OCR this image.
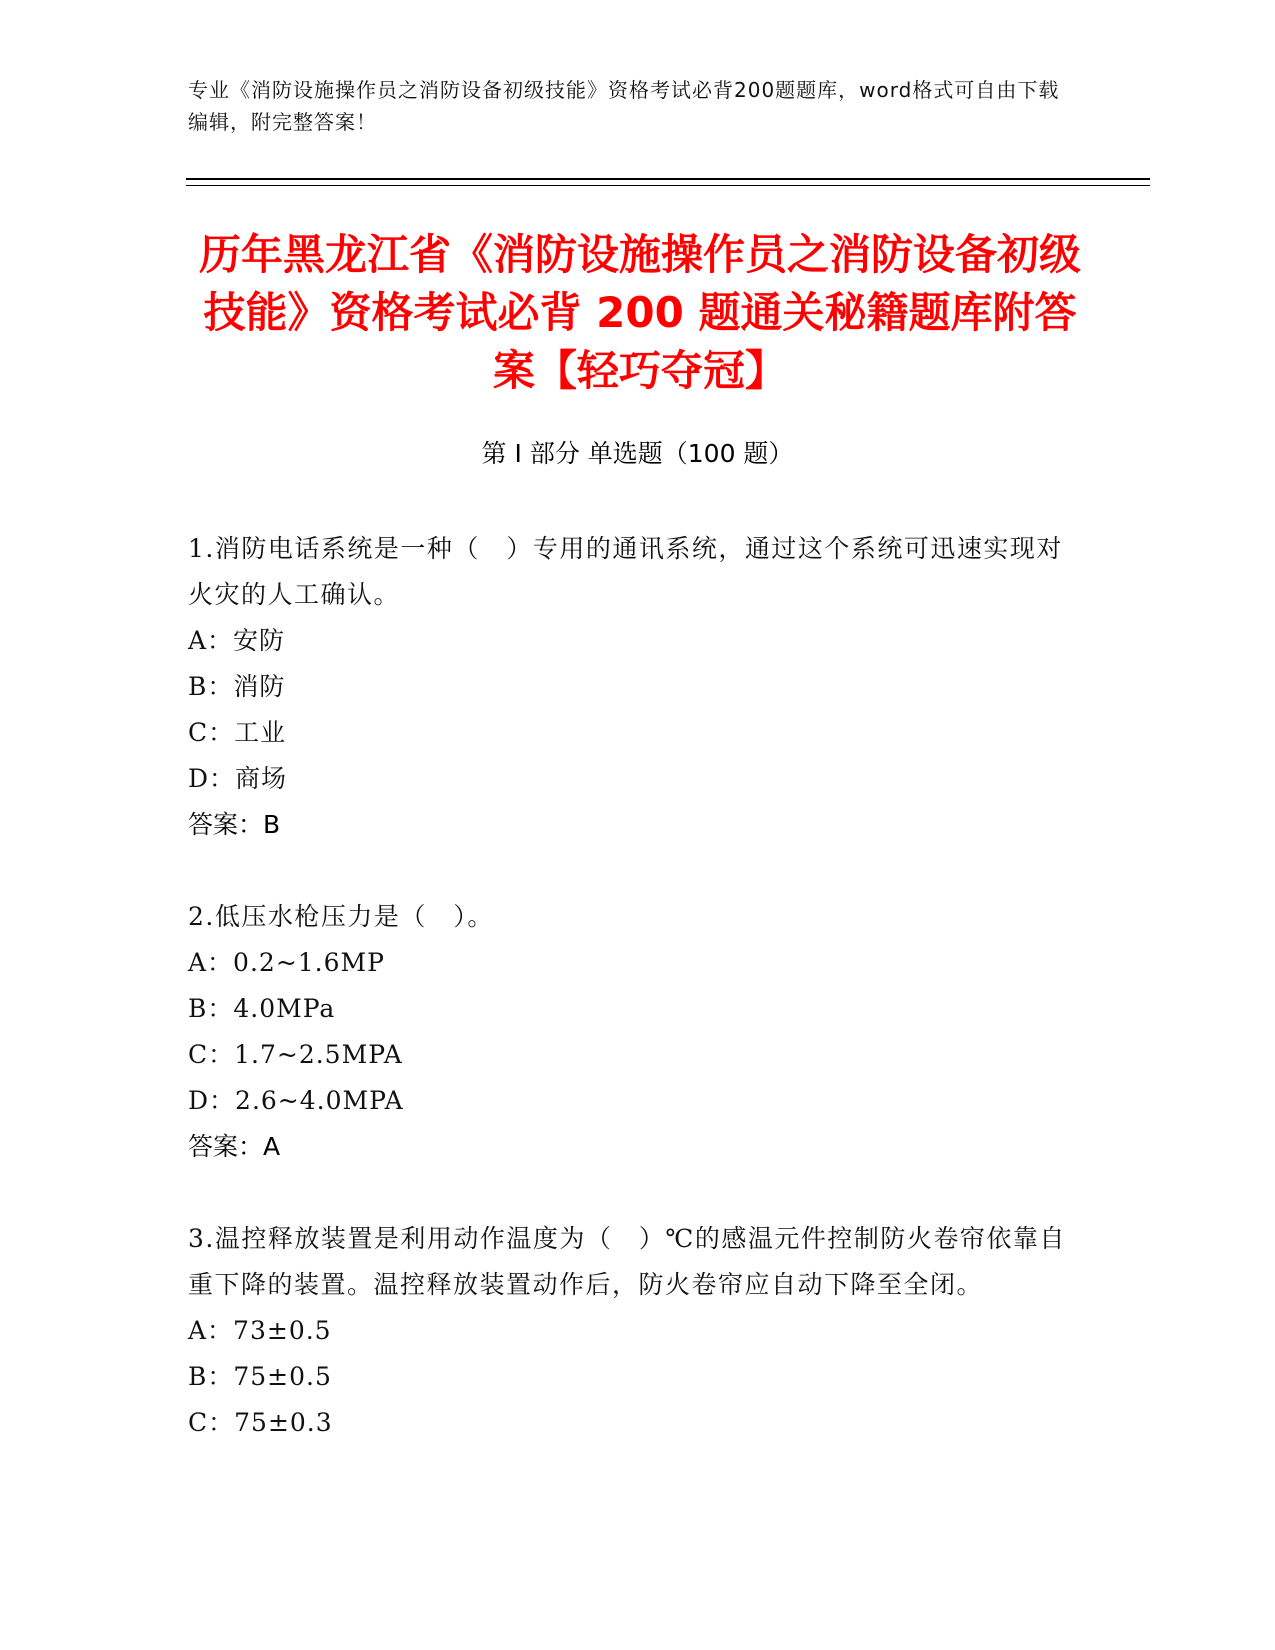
专业《消防设施操作员之消防设备初级技能》资格考试必背200题题库，word格式可自由下载编辑，附完整答案！
历年黑龙江省《消防设施操作员之消防设备初级技能》资格考试必背 200 题通关秘籍题库附答案【轻巧夺冠】
第 I 部分 单选题（100 题）

1.消防电话系统是一种（　）专用的通讯系统，通过这个系统可迅速实现对火灾的人工确认。

A：安防

B：消防

C：工业

D：商场

答案：B

2.低压水枪压力是（　）。

A：0.2~1.6MP

B：4.0MPa

C：1.7~2.5MPA

D：2.6~4.0MPA

答案：A

3.温控释放装置是利用动作温度为（　）℃的感温元件控制防火卷帘依靠自重下降的装置。温控释放装置动作后，防火卷帘应自动下降至全闭。

A：73±0.5

B：75±0.5

C：75±0.3
